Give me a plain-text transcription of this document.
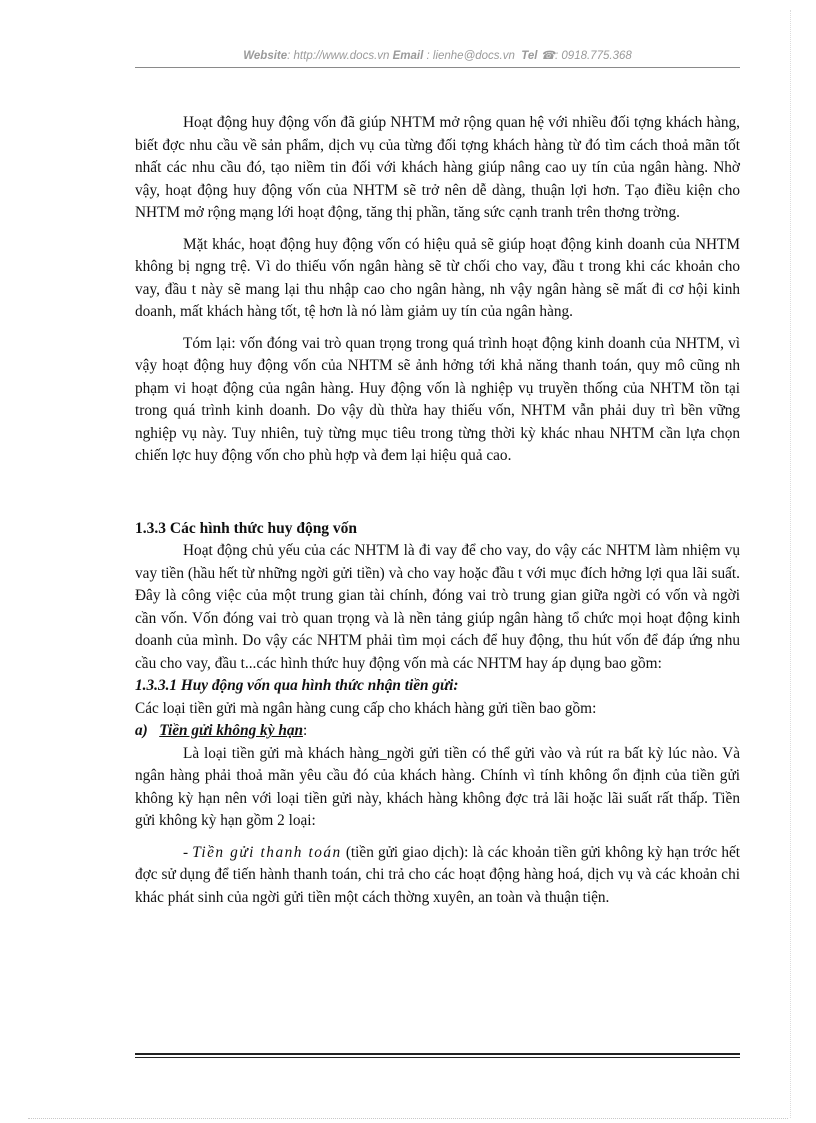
Website: http://www.docs.vn Email : lienhe@docs.vn Tel ☎: 0918.775.368

Hoạt động huy động vốn đã giúp NHTM mở rộng quan hệ với nhiều đối tợng khách hàng, biết đợc nhu cầu về sản phẩm, dịch vụ của từng đối tợng khách hàng từ đó tìm cách thoả mãn tốt nhất các nhu cầu đó, tạo niềm tin đối với khách hàng giúp nâng cao uy tín của ngân hàng. Nhờ vậy, hoạt động huy động vốn của NHTM sẽ trở nên dễ dàng, thuận lợi hơn. Tạo điều kiện cho NHTM mở rộng mạng lới hoạt động, tăng thị phần, tăng sức cạnh tranh trên thơng trờng.

Mặt khác, hoạt động huy động vốn có hiệu quả sẽ giúp hoạt động kinh doanh của NHTM không bị ngng trệ. Vì do thiếu vốn ngân hàng sẽ từ chối cho vay, đầu t trong khi các khoản cho vay, đầu t này sẽ mang lại thu nhập cao cho ngân hàng, nh vậy ngân hàng sẽ mất đi cơ hội kinh doanh, mất khách hàng tốt, tệ hơn là nó làm giảm uy tín của ngân hàng.

Tóm lại: vốn đóng vai trò quan trọng trong quá trình hoạt động kinh doanh của NHTM, vì vậy hoạt động huy động vốn của NHTM sẽ ảnh hởng tới khả năng thanh toán, quy mô cũng nh phạm vi hoạt động của ngân hàng. Huy động vốn là nghiệp vụ truyền thống của NHTM tồn tại trong quá trình kinh doanh. Do vậy dù thừa hay thiếu vốn, NHTM vẫn phải duy trì bền vững nghiệp vụ này. Tuy nhiên, tuỳ từng mục tiêu trong từng thời kỳ khác nhau NHTM cần lựa chọn chiến lợc huy động vốn cho phù hợp và đem lại hiệu quả cao.

1.3.3 Các hình thức huy động vốn

Hoạt động chủ yếu của các NHTM là đi vay để cho vay, do vậy các NHTM làm nhiệm vụ vay tiền (hầu hết từ những ngời gửi tiền) và cho vay hoặc đầu t với mục đích hởng lợi qua lãi suất. Đây là công việc của một trung gian tài chính, đóng vai trò trung gian giữa ngời có vốn và ngời cần vốn. Vốn đóng vai trò quan trọng và là nền tảng giúp ngân hàng tổ chức mọi hoạt động kinh doanh của mình. Do vậy các NHTM phải tìm mọi cách để huy động, thu hút vốn để đáp ứng nhu cầu cho vay, đầu t...các hình thức huy động vốn mà các NHTM hay áp dụng bao gồm:

1.3.3.1 Huy động vốn qua hình thức nhận tiền gửi:

Các loại tiền gửi mà ngân hàng cung cấp cho khách hàng gửi tiền bao gồm:

a) Tiền gửi không kỳ hạn:

Là loại tiền gửi mà khách hàng_ngời gửi tiền có thể gửi vào và rút ra bất kỳ lúc nào. Và ngân hàng phải thoả mãn yêu cầu đó của khách hàng. Chính vì tính không ổn định của tiền gửi không kỳ hạn nên với loại tiền gửi này, khách hàng không đợc trả lãi hoặc lãi suất rất thấp. Tiền gửi không kỳ hạn gồm 2 loại:

- Tiền gửi thanh toán (tiền gửi giao dịch): là các khoản tiền gửi không kỳ hạn trớc hết đợc sử dụng để tiến hành thanh toán, chi trả cho các hoạt động hàng hoá, dịch vụ và các khoản chi khác phát sinh của ngời gửi tiền một cách thờng xuyên, an toàn và thuận tiện.
